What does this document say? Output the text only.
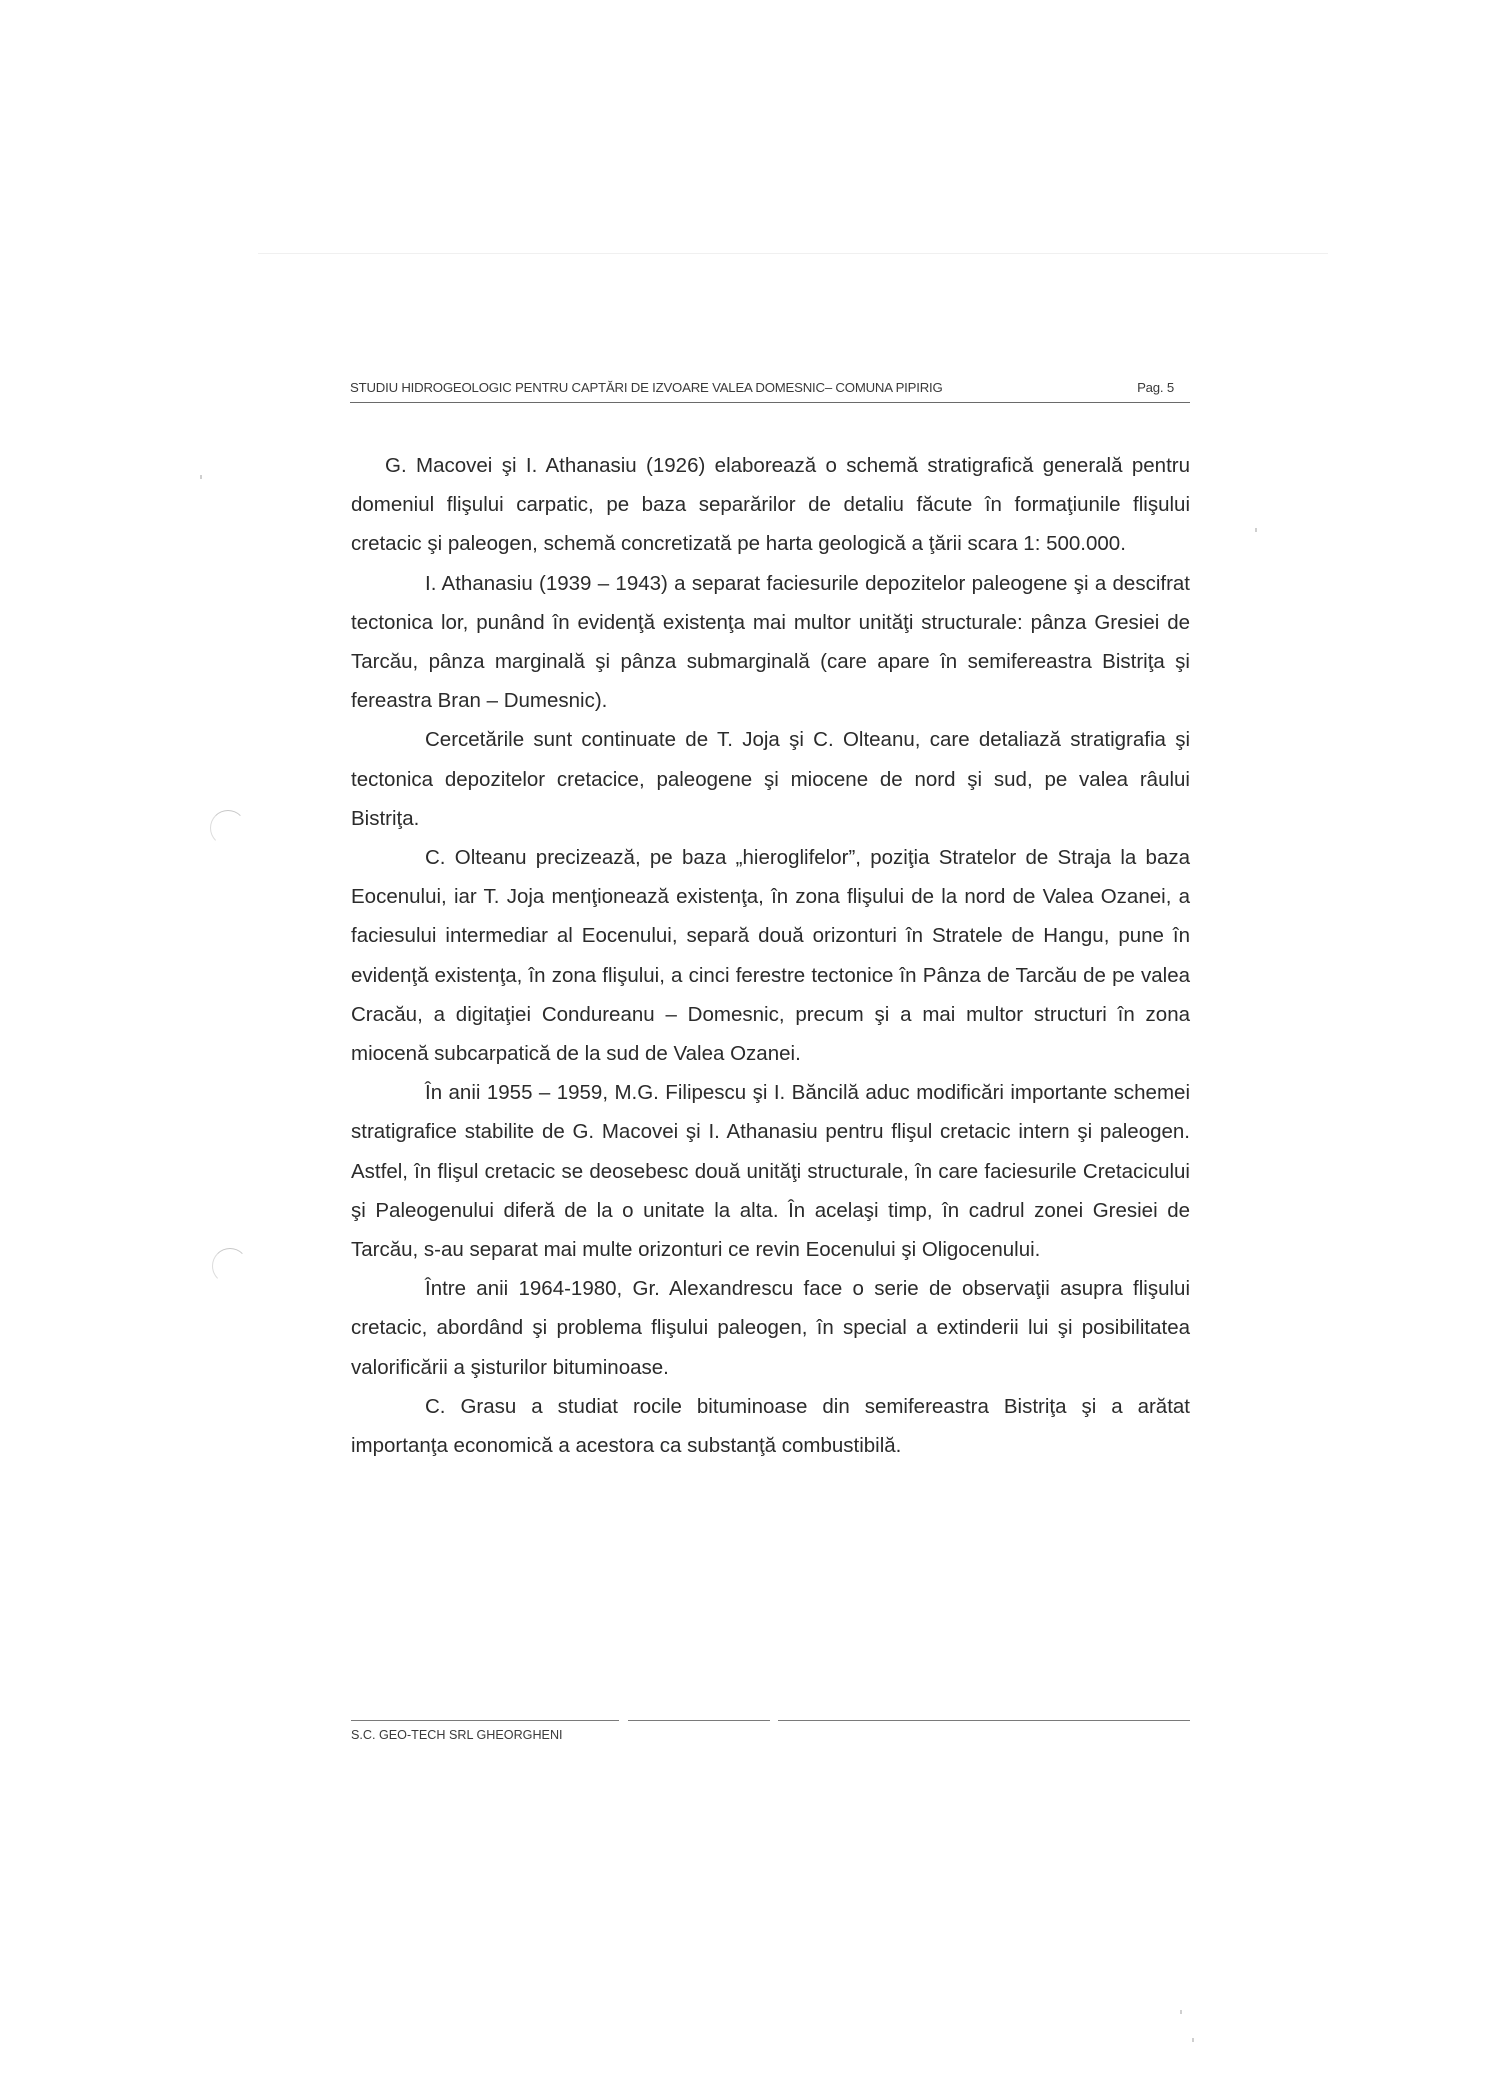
STUDIU HIDROGEOLOGIC PENTRU CAPTĂRI DE IZVOARE VALEA DOMESNIC– COMUNA PIPIRIG	Pag. 5

G. Macovei şi I. Athanasiu (1926) elaborează o schemă stratigrafică generală pentru domeniul flişului carpatic, pe baza separărilor de detaliu făcute în formaţiunile flişului cretacic şi paleogen, schemă concretizată pe harta geologică a ţării scara 1: 500.000.

I. Athanasiu (1939 – 1943) a separat faciesurile depozitelor paleogene şi a descifrat tectonica lor, punând în evidenţă existenţa mai multor unităţi structurale: pânza Gresiei de Tarcău, pânza marginală şi pânza submarginală (care apare în semifereastra Bistriţa şi fereastra Bran – Dumesnic).

Cercetările sunt continuate de T. Joja şi C. Olteanu, care detaliază stratigrafia şi tectonica depozitelor cretacice, paleogene şi miocene de nord şi sud, pe valea râului Bistriţa.

C. Olteanu precizează, pe baza „hieroglifelor”, poziţia Stratelor de Straja la baza Eocenului, iar T. Joja menţionează existenţa, în zona flişului de la nord de Valea Ozanei, a faciesului intermediar al Eocenului, separă două orizonturi în Stratele de Hangu, pune în evidenţă existenţa, în zona flişului, a cinci ferestre tectonice în Pânza de Tarcău de pe valea Cracău, a digitaţiei Condureanu – Domesnic, precum şi a mai multor structuri în zona miocenă subcarpatică de la sud de Valea Ozanei.

În anii 1955 – 1959, M.G. Filipescu şi I. Băncilă aduc modificări importante schemei stratigrafice stabilite de G. Macovei şi I. Athanasiu pentru flişul cretacic intern şi paleogen. Astfel, în flişul cretacic se deosebesc două unităţi structurale, în care faciesurile Cretacicului şi Paleogenului diferă de la o unitate la alta. În acelaşi timp, în cadrul zonei Gresiei de Tarcău, s-au separat mai multe orizonturi ce revin Eocenului şi Oligocenului.

Între anii 1964-1980, Gr. Alexandrescu face o serie de observaţii asupra flişului cretacic, abordând şi problema flişului paleogen, în special a extinderii lui şi posibilitatea valorificării a şisturilor bituminoase.

C. Grasu a studiat rocile bituminoase din semifereastra Bistriţa şi a arătat importanţa economică a acestora ca substanţă combustibilă.

S.C. GEO-TECH SRL GHEORGHENI
